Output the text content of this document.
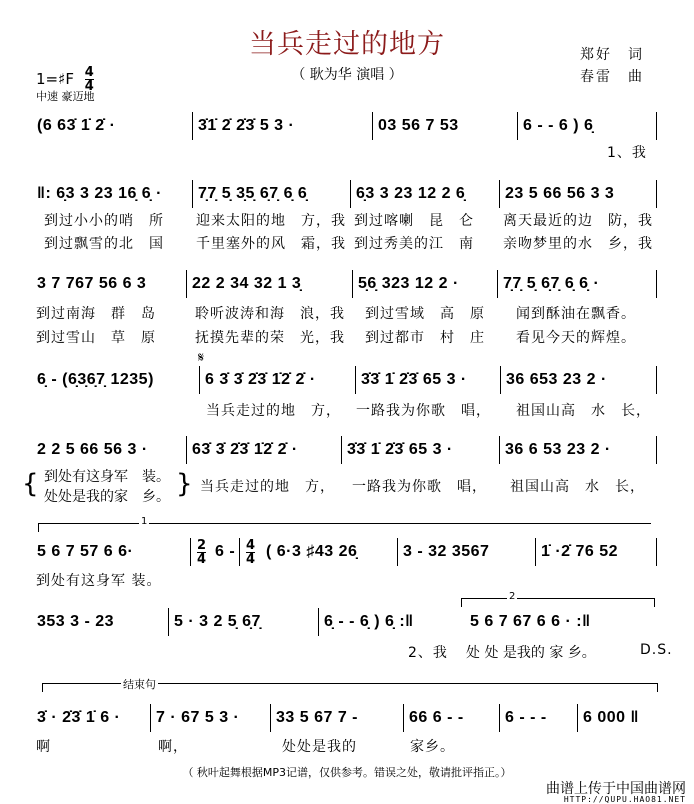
当兵走过的地方
（ 耿为华 演唱 ）
郑好　词
春雷　曲
1=♯F $\frac{4}{4}$
中速 豪迈地
(6 63̇ 1̇ 2̇ ·	3̇1̇ 2̇ 2̇3̇ 5 3 ·	03 56 7 53	6 - - 6 ) 6̣
1、我
‖: 6̣3 3 23 16̣ 6̣ ·	7̣7̣ 5̣ 3̣5̣ 6̣7̣ 6̣ 6̣	6̣3 3 23 12 2 6̣	23 5 66 56 3 3
到过小小的哨　所 迎来太阳的地　方，我 到过喀喇　昆　仑 离天最近的边　防，我
到过飘雪的北　国 千里塞外的风　霜，我 到过秀美的江　南 亲吻梦里的水　乡，我
3 7 767 56 6 3	22 2 34 32 1 3̣	5̣6̣ 323 12 2 ·	7̣7̣ 5̣ 6̣7̣ 6̣ 6̣ ·
到过南海　群　岛	聆听波涛和海　浪，我 到过雪域　高　原 闻到酥油在飘香。
到过雪山　草　原	抚摸先辈的荣　光，我 到过都市　村　庄 看见今天的辉煌。
6̣ - (6̣3̣6̣7̣ 1235)
𝄋
6 3̇ 3̇ 2̇3̇ 1̇2̇ 2̇ ·	3̇3̇ 1̇ 2̇3̇ 65 3 ·	36 653 23 2 ·
当兵走过的地　方， 一路我为你歌　唱， 祖国山高　水　长，
2 2 5 66 56 3 ·	63̇ 3̇ 2̇3̇ 1̇2̇ 2̇ ·	3̇3̇ 1̇ 2̇3̇ 65 3 ·	36 6 53 23 2 ·
{ 到处有这身军　装。
处处是我的家　乡。 } 当兵走过的地　方， 一路我为你歌　唱， 祖国山高　水　长，
1
5 6 7 57 6 6·	6 -
$\frac{2}{4}$	( 6·3 ♯43 26̣
$\frac{4}{4}$	3 - 32 3567	1̇ ·2̇ 76 52
到处有这身军 装。
2
353 3 - 23	5 · 3 2 5̣ 6̣7̣	6̣ - - 6̣ ) 6̣ :‖	5 6 7 67 6 6 · :‖
2、我 处 处 是我的 家 乡。	D.S.
结束句
3̇ · 2̇3̇ 1̇ 6 ·	7 · 67 5 3 ·	33 5 67 7 -	66 6 - -	6 - - -	6 000 ‖
啊	啊，	处处是我的	家乡。
（ 秋叶起舞根据MP3记谱，仅供参考。错误之处，敬请批评指正。）
曲谱上传于中国曲谱网
HTTP://QUPU.HAO81.NET
